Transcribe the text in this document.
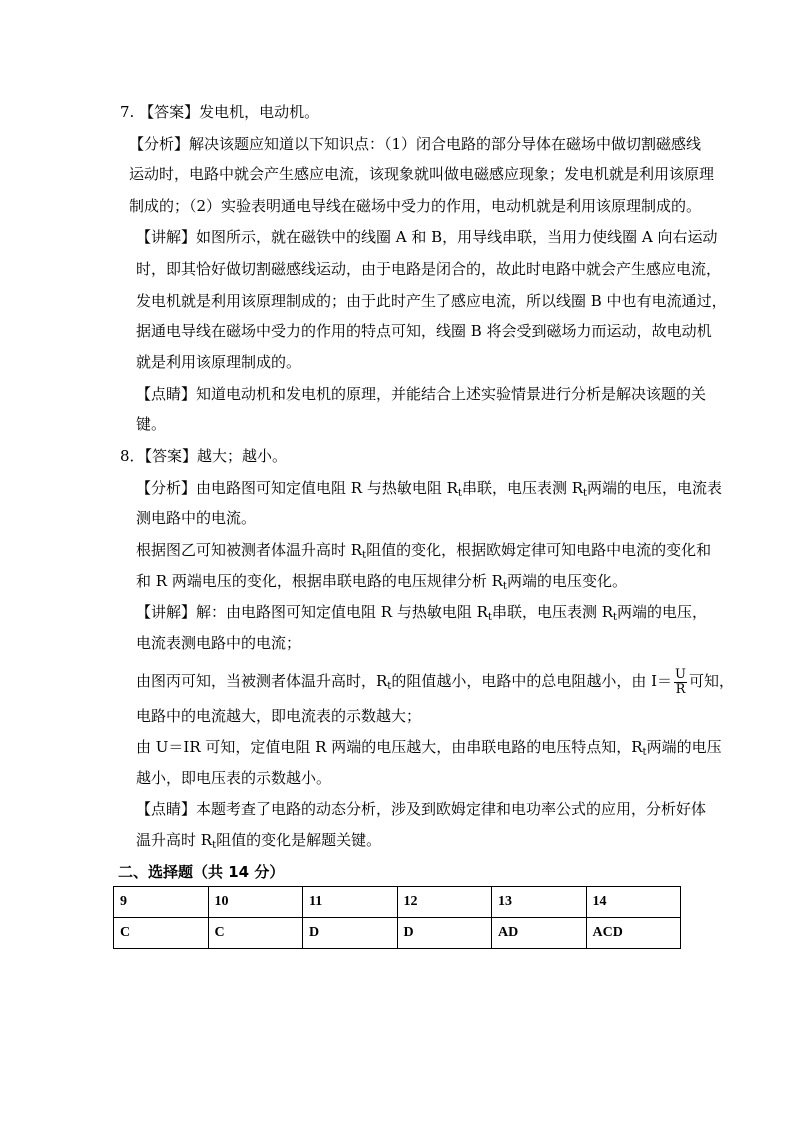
7. 【答案】发电机，电动机。
【分析】解决该题应知道以下知识点：（1）闭合电路的部分导体在磁场中做切割磁感线
运动时，电路中就会产生感应电流，该现象就叫做电磁感应现象；发电机就是利用该原理
制成的；（2）实验表明通电导线在磁场中受力的作用，电动机就是利用该原理制成的。
【讲解】如图所示，就在磁铁中的线圈 A 和 B，用导线串联，当用力使线圈 A 向右运动
时，即其恰好做切割磁感线运动，由于电路是闭合的，故此时电路中就会产生感应电流，
发电机就是利用该原理制成的；由于此时产生了感应电流，所以线圈 B 中也有电流通过，
据通电导线在磁场中受力的作用的特点可知，线圈 B 将会受到磁场力而运动，故电动机
就是利用该原理制成的。
【点睛】知道电动机和发电机的原理，并能结合上述实验情景进行分析是解决该题的关
键。
8．【答案】越大；越小。
【分析】由电路图可知定值电阻 R 与热敏电阻 $R_t$串联，电压表测 $R_t$两端的电压，电流表
测电路中的电流。
根据图乙可知被测者体温升高时 $R_t$阻值的变化，根据欧姆定律可知电路中电流的变化和
和 R 两端电压的变化，根据串联电路的电压规律分析 $R_t$两端的电压变化。
【讲解】解：由电路图可知定值电阻 R 与热敏电阻 $R_t$串联，电压表测 $R_t$两端的电压，
电流表测电路中的电流；
由图丙可知，当被测者体温升高时，$R_t$的阻值越小，电路中的总电阻越小，由 $I= \frac{U}{R}$ 可知，
电路中的电流越大，即电流表的示数越大；
由 U＝IR 可知，定值电阻 R 两端的电压越大，由串联电路的电压特点知，$R_t$两端的电压
越小，即电压表的示数越小。
【点睛】本题考查了电路的动态分析，涉及到欧姆定律和电功率公式的应用，分析好体
温升高时 $R_t$阻值的变化是解题关键。
二、选择题（共 14 分）
9	10	11	12	13	14
C	C	D	D	AD	ACD
